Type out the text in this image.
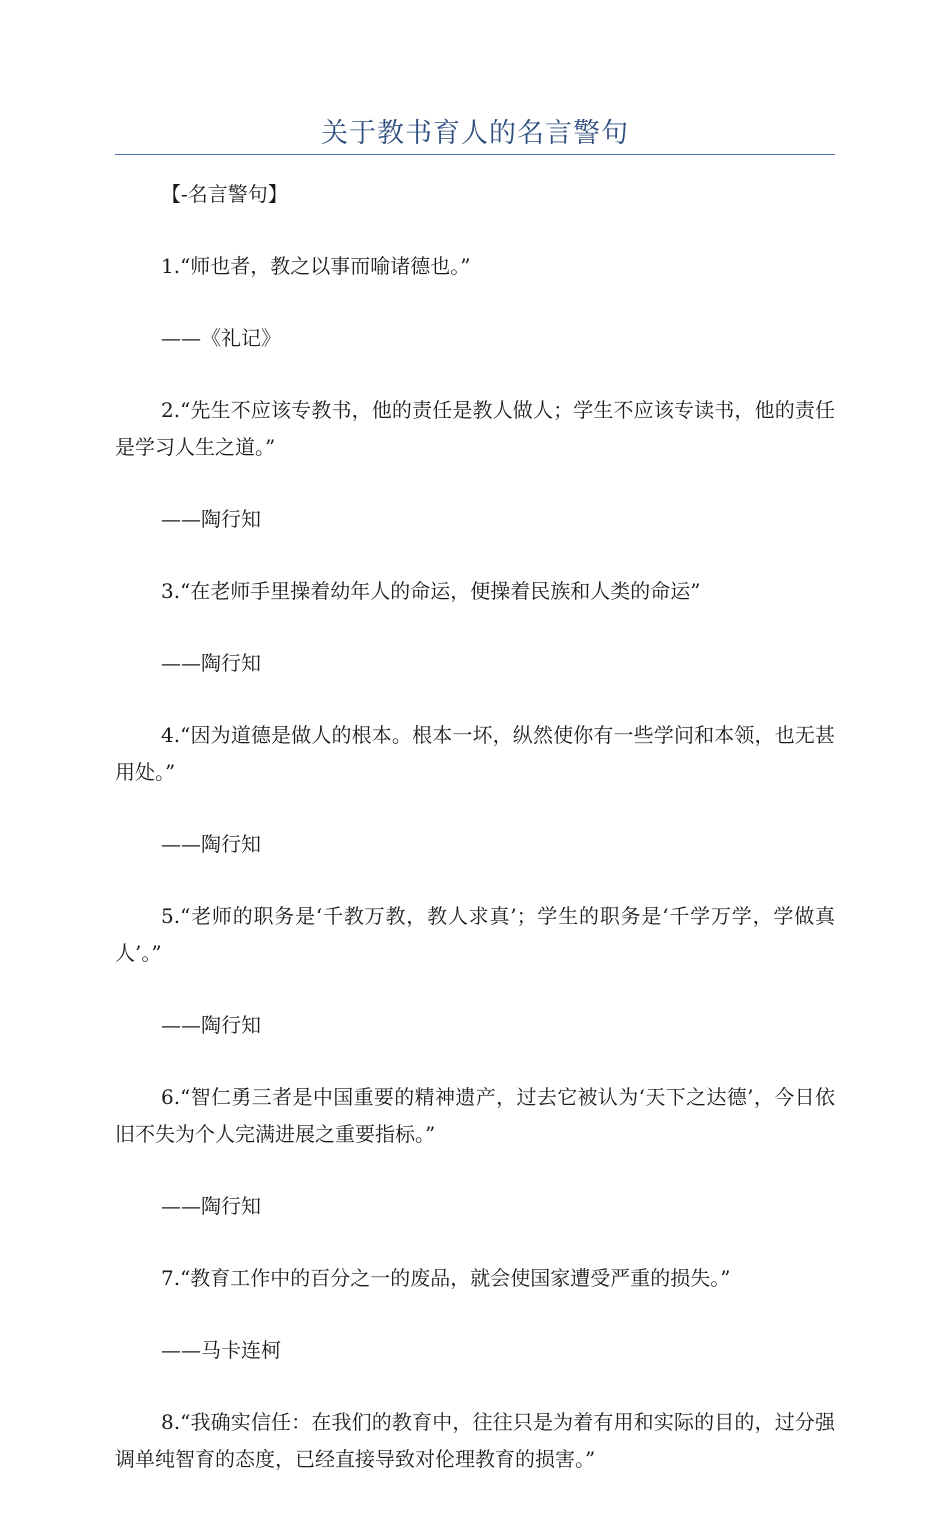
关于教书育人的名言警句

【-名言警句】

1.“师也者，教之以事而喻诸德也。”

——《礼记》

2.“先生不应该专教书，他的责任是教人做人；学生不应该专读书，他的责任是学习人生之道。”

——陶行知

3.“在老师手里操着幼年人的命运，便操着民族和人类的命运”

——陶行知

4.“因为道德是做人的根本。根本一坏，纵然使你有一些学问和本领，也无甚用处。”

——陶行知

5.“老师的职务是‘千教万教，教人求真’；学生的职务是‘千学万学，学做真人’。”

——陶行知

6.“智仁勇三者是中国重要的精神遗产，过去它被认为‘天下之达德’，今日依旧不失为个人完满进展之重要指标。”

——陶行知

7.“教育工作中的百分之一的废品，就会使国家遭受严重的损失。”

——马卡连柯

8.“我确实信任：在我们的教育中，往往只是为着有用和实际的目的，过分强调单纯智育的态度，已经直接导致对伦理教育的损害。”
